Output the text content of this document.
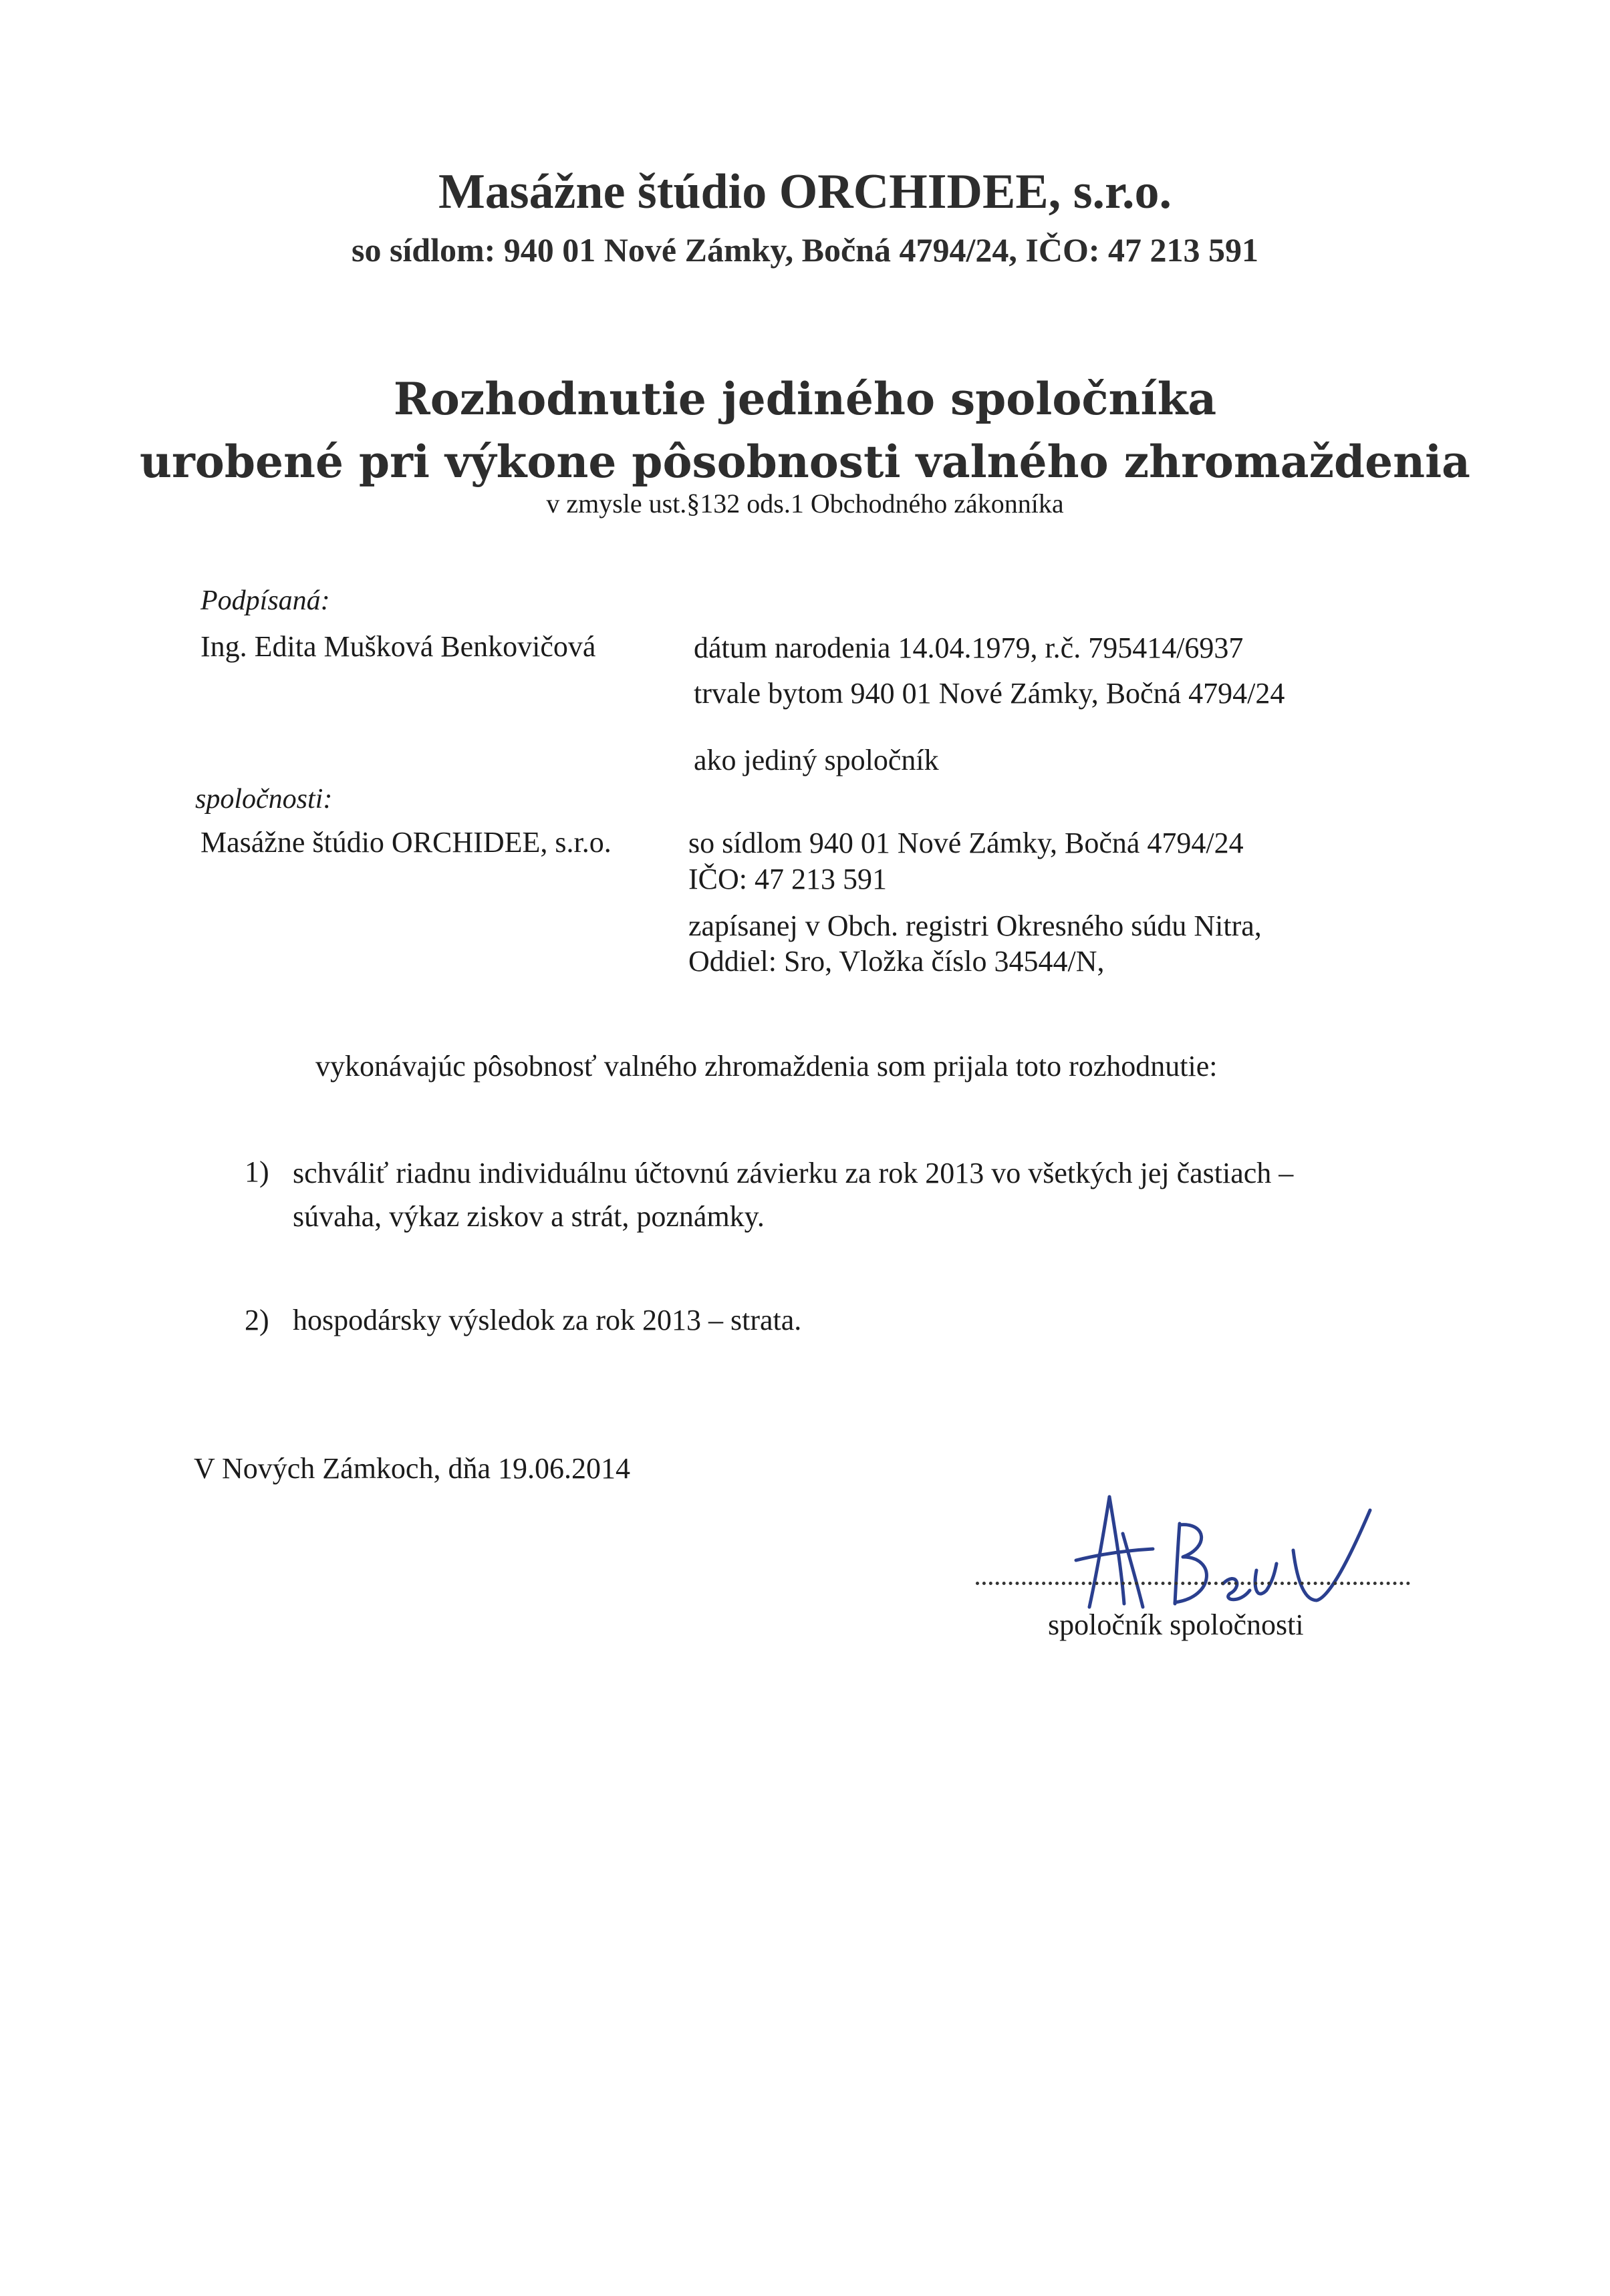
Masážne štúdio ORCHIDEE, s.r.o.
so sídlom: 940 01 Nové Zámky, Bočná 4794/24, IČO: 47 213 591
Rozhodnutie jediného spoločníka
urobené pri výkone pôsobnosti valného zhromaždenia
v zmysle ust.§132 ods.1 Obchodného zákonníka
Podpísaná:
Ing. Edita Mušková Benkovičová	dátum narodenia 14.04.1979, r.č. 795414/6937
trvale bytom 940 01 Nové Zámky, Bočná 4794/24
ako jediný spoločník
spoločnosti:
Masážne štúdio ORCHIDEE, s.r.o.	so sídlom 940 01 Nové Zámky, Bočná 4794/24
IČO: 47 213 591
zapísanej v Obch. registri Okresného súdu Nitra,
Oddiel: Sro, Vložka číslo 34544/N,
vykonávajúc pôsobnosť valného zhromaždenia som prijala toto rozhodnutie:
1) schváliť riadnu individuálnu účtovnú závierku za rok 2013 vo všetkých jej častiach –
súvaha, výkaz ziskov a strát, poznámky.
2) hospodársky výsledok za rok 2013 – strata.
V Nových Zámkoch, dňa 19.06.2014
spoločník spoločnosti
